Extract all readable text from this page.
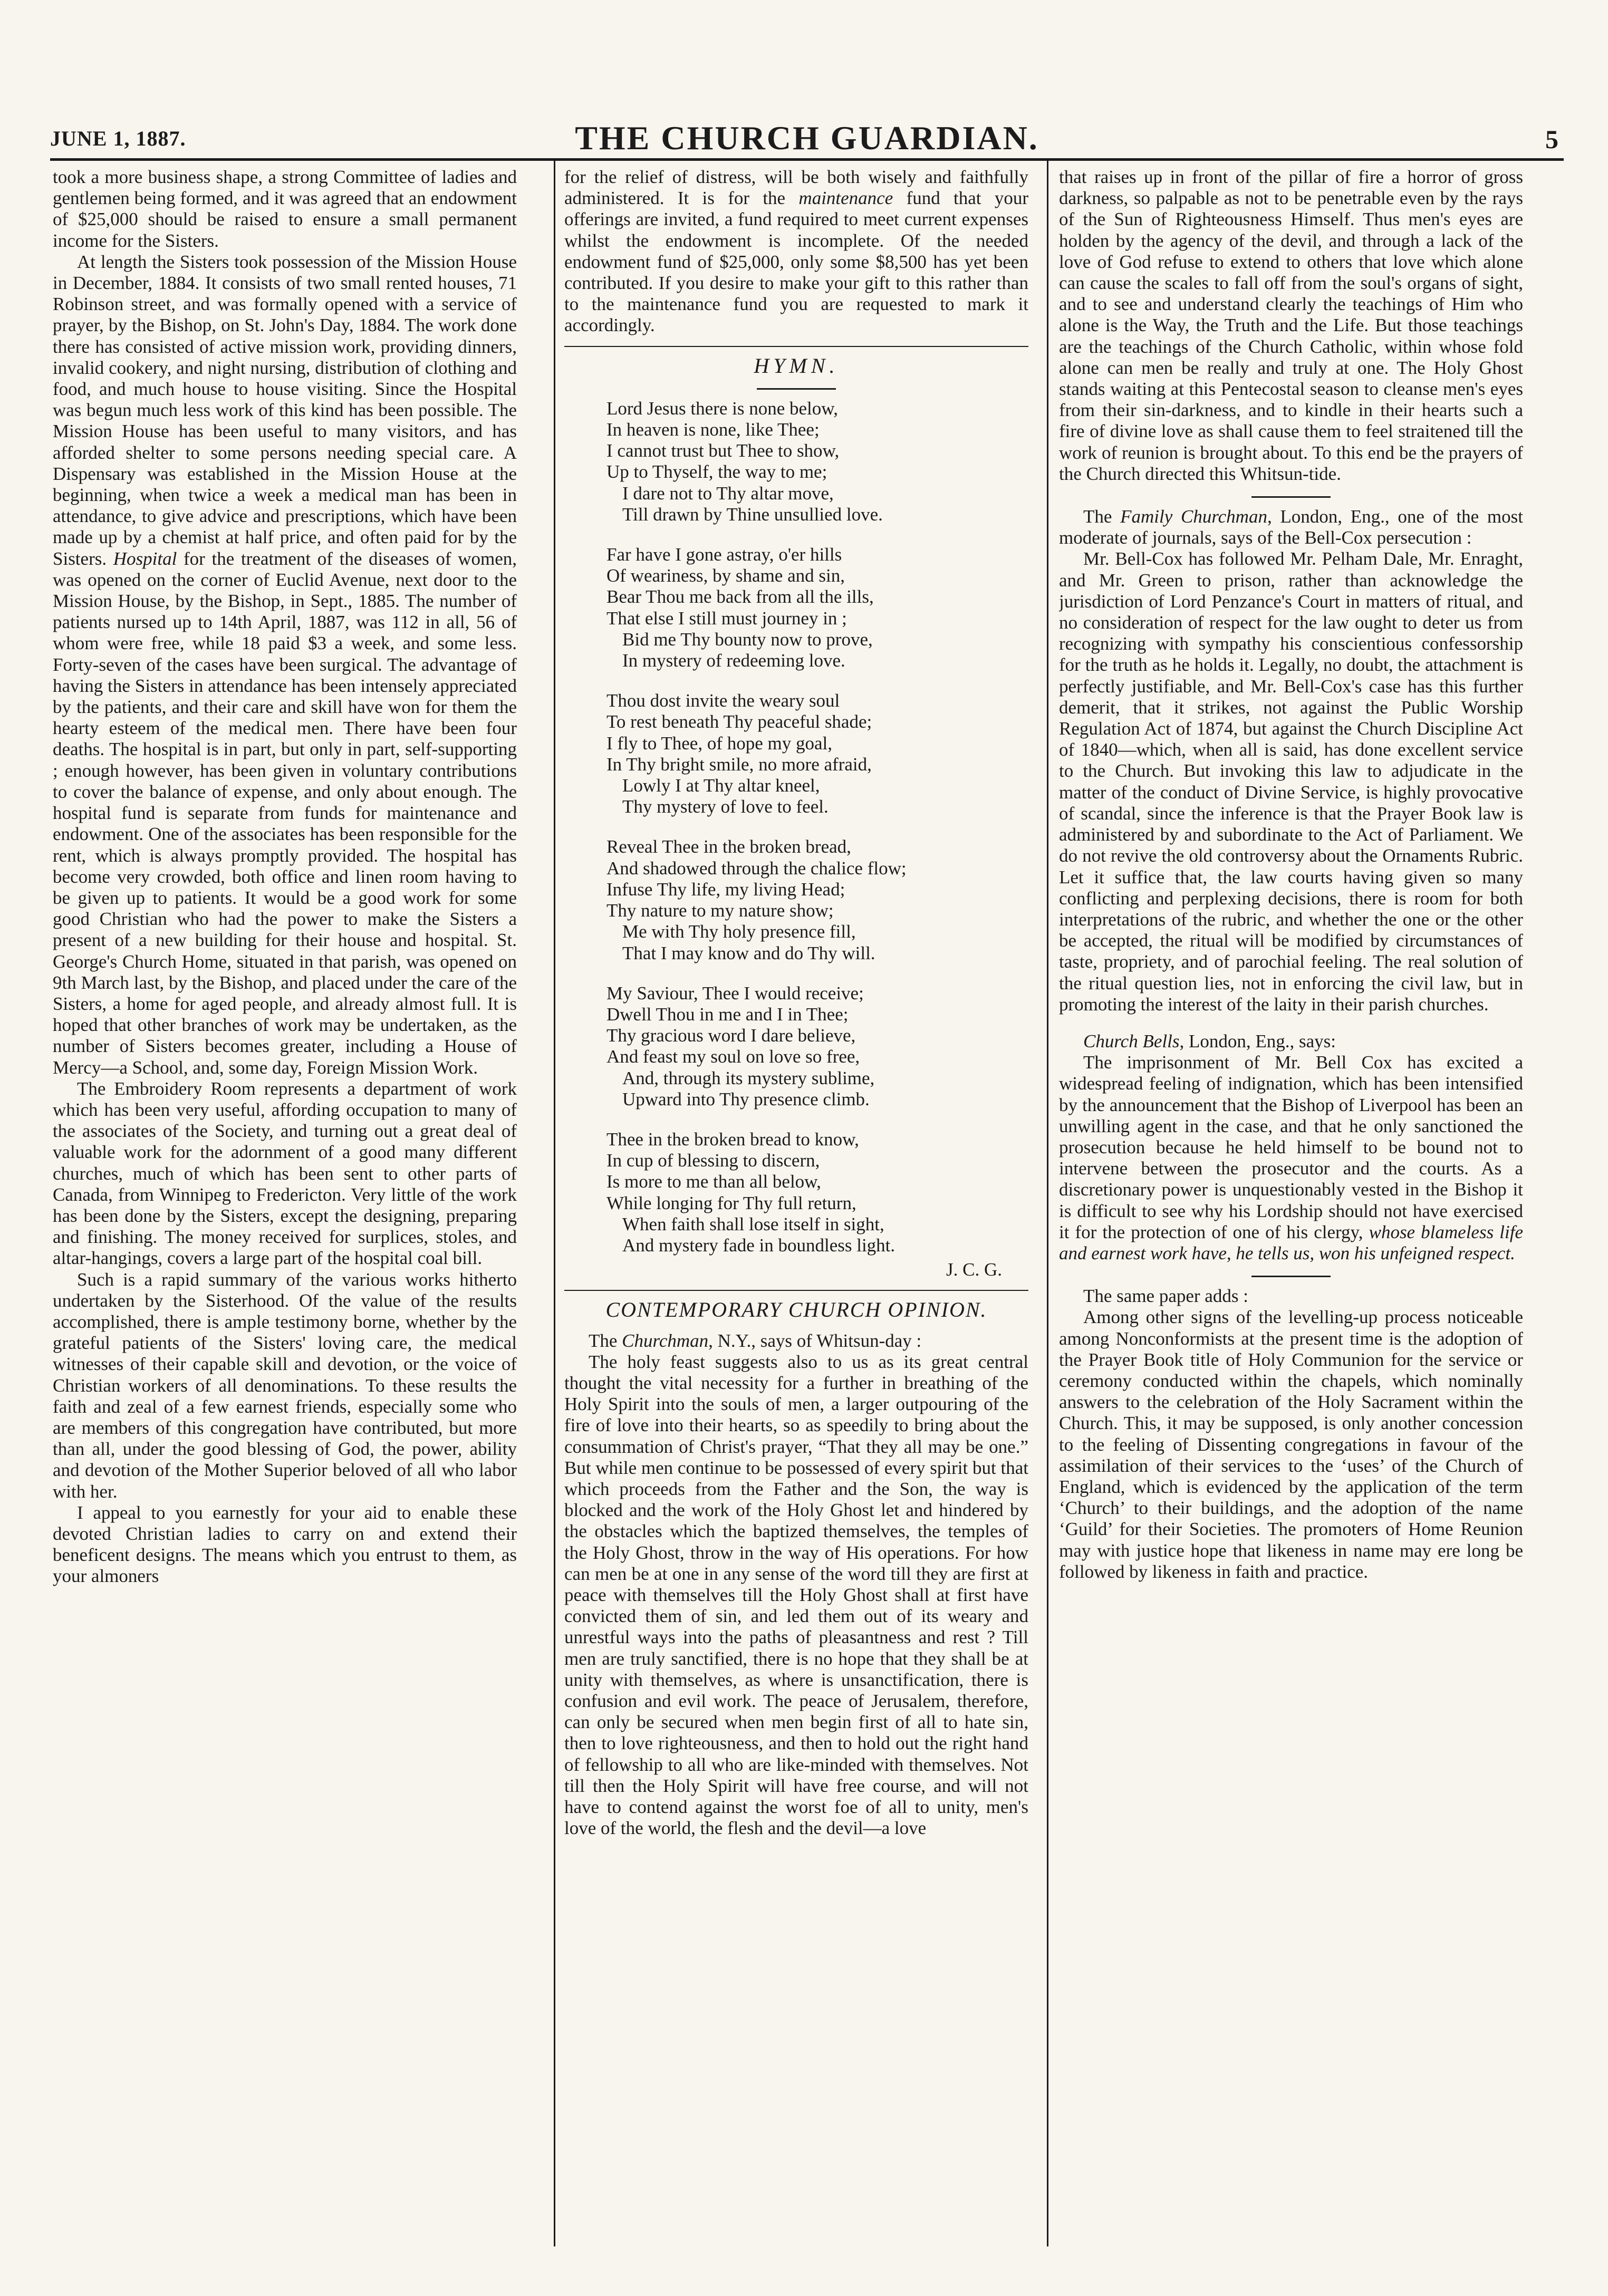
JUNE 1, 1887.	THE CHURCH GUARDIAN.	5

took a more business shape, a strong Committee of ladies and gentlemen being formed, and it was agreed that an endowment of $25,000 should be raised to ensure a small permanent income for the Sisters.

At length the Sisters took possession of the Mission House in December, 1884. It consists of two small rented houses, 71 Robinson street, and was formally opened with a service of prayer, by the Bishop, on St. John's Day, 1884. The work done there has consisted of active mission work, providing dinners, invalid cookery, and night nursing, distribution of clothing and food, and much house to house visiting. Since the Hospital was begun much less work of this kind has been possible. The Mission House has been useful to many visitors, and has afforded shelter to some persons needing special care. A Dispensary was established in the Mission House at the beginning, when twice a week a medical man has been in attendance, to give advice and prescriptions, which have been made up by a chemist at half price, and often paid for by the Sisters. Hospital for the treatment of the diseases of women, was opened on the corner of Euclid Avenue, next door to the Mission House, by the Bishop, in Sept., 1885. The number of patients nursed up to 14th April, 1887, was 112 in all, 56 of whom were free, while 18 paid $3 a week, and some less. Forty-seven of the cases have been surgical. The advantage of having the Sisters in attendance has been intensely appreciated by the patients, and their care and skill have won for them the hearty esteem of the medical men. There have been four deaths. The hospital is in part, but only in part, self-supporting ; enough however, has been given in voluntary contributions to cover the balance of expense, and only about enough. The hospital fund is separate from funds for maintenance and endowment. One of the associates has been responsible for the rent, which is always promptly provided. The hospital has become very crowded, both office and linen room having to be given up to patients. It would be a good work for some good Christian who had the power to make the Sisters a present of a new building for their house and hospital. St. George's Church Home, situated in that parish, was opened on 9th March last, by the Bishop, and placed under the care of the Sisters, a home for aged people, and already almost full. It is hoped that other branches of work may be undertaken, as the number of Sisters becomes greater, including a House of Mercy—a School, and, some day, Foreign Mission Work.

The Embroidery Room represents a department of work which has been very useful, affording occupation to many of the associates of the Society, and turning out a great deal of valuable work for the adornment of a good many different churches, much of which has been sent to other parts of Canada, from Winnipeg to Fredericton. Very little of the work has been done by the Sisters, except the designing, preparing and finishing. The money received for surplices, stoles, and altar-hangings, covers a large part of the hospital coal bill.

Such is a rapid summary of the various works hitherto undertaken by the Sisterhood. Of the value of the results accomplished, there is ample testimony borne, whether by the grateful patients of the Sisters' loving care, the medical witnesses of their capable skill and devotion, or the voice of Christian workers of all denominations. To these results the faith and zeal of a few earnest friends, especially some who are members of this congregation have contributed, but more than all, under the good blessing of God, the power, ability and devotion of the Mother Superior beloved of all who labor with her.

I appeal to you earnestly for your aid to enable these devoted Christian ladies to carry on and extend their beneficent designs. The means which you entrust to them, as your almoners

for the relief of distress, will be both wisely and faithfully administered. It is for the maintenance fund that your offerings are invited, a fund required to meet current expenses whilst the endowment is incomplete. Of the needed endowment fund of $25,000, only some $8,500 has yet been contributed. If you desire to make your gift to this rather than to the maintenance fund you are requested to mark it accordingly.

HYMN.
Lord Jesus there is none below,
In heaven is none, like Thee;
I cannot trust but Thee to show,
Up to Thyself, the way to me;
I dare not to Thy altar move,
Till drawn by Thine unsullied love.
Far have I gone astray, o'er hills
Of weariness, by shame and sin,
Bear Thou me back from all the ills,
That else I still must journey in ;
Bid me Thy bounty now to prove,
In mystery of redeeming love.
Thou dost invite the weary soul
To rest beneath Thy peaceful shade;
I fly to Thee, of hope my goal,
In Thy bright smile, no more afraid,
Lowly I at Thy altar kneel,
Thy mystery of love to feel.
Reveal Thee in the broken bread,
And shadowed through the chalice flow;
Infuse Thy life, my living Head;
Thy nature to my nature show;
Me with Thy holy presence fill,
That I may know and do Thy will.
My Saviour, Thee I would receive;
Dwell Thou in me and I in Thee;
Thy gracious word I dare believe,
And feast my soul on love so free,
And, through its mystery sublime,
Upward into Thy presence climb.
Thee in the broken bread to know,
In cup of blessing to discern,
Is more to me than all below,
While longing for Thy full return,
When faith shall lose itself in sight,
And mystery fade in boundless light.
J. C. G.
CONTEMPORARY CHURCH OPINION.

The Churchman, N.Y., says of Whitsun-day :

The holy feast suggests also to us as its great central thought the vital necessity for a further in breathing of the Holy Spirit into the souls of men, a larger outpouring of the fire of love into their hearts, so as speedily to bring about the consummation of Christ's prayer, “That they all may be one.” But while men continue to be possessed of every spirit but that which proceeds from the Father and the Son, the way is blocked and the work of the Holy Ghost let and hindered by the obstacles which the baptized themselves, the temples of the Holy Ghost, throw in the way of His operations. For how can men be at one in any sense of the word till they are first at peace with themselves till the Holy Ghost shall at first have convicted them of sin, and led them out of its weary and unrestful ways into the paths of pleasantness and rest ? Till men are truly sanctified, there is no hope that they shall be at unity with themselves, as where is unsanctification, there is confusion and evil work. The peace of Jerusalem, therefore, can only be secured when men begin first of all to hate sin, then to love righteousness, and then to hold out the right hand of fellowship to all who are like-minded with themselves. Not till then the Holy Spirit will have free course, and will not have to contend against the worst foe of all to unity, men's love of the world, the flesh and the devil—a love

that raises up in front of the pillar of fire a horror of gross darkness, so palpable as not to be penetrable even by the rays of the Sun of Righteousness Himself. Thus men's eyes are holden by the agency of the devil, and through a lack of the love of God refuse to extend to others that love which alone can cause the scales to fall off from the soul's organs of sight, and to see and understand clearly the teachings of Him who alone is the Way, the Truth and the Life. But those teachings are the teachings of the Church Catholic, within whose fold alone can men be really and truly at one. The Holy Ghost stands waiting at this Pentecostal season to cleanse men's eyes from their sin-darkness, and to kindle in their hearts such a fire of divine love as shall cause them to feel straitened till the work of reunion is brought about. To this end be the prayers of the Church directed this Whitsun-tide.

The Family Churchman, London, Eng., one of the most moderate of journals, says of the Bell-Cox persecution :

Mr. Bell-Cox has followed Mr. Pelham Dale, Mr. Enraght, and Mr. Green to prison, rather than acknowledge the jurisdiction of Lord Penzance's Court in matters of ritual, and no consideration of respect for the law ought to deter us from recognizing with sympathy his conscientious confessorship for the truth as he holds it. Legally, no doubt, the attachment is perfectly justifiable, and Mr. Bell-Cox's case has this further demerit, that it strikes, not against the Public Worship Regulation Act of 1874, but against the Church Discipline Act of 1840—which, when all is said, has done excellent service to the Church. But invoking this law to adjudicate in the matter of the conduct of Divine Service, is highly provocative of scandal, since the inference is that the Prayer Book law is administered by and subordinate to the Act of Parliament. We do not revive the old controversy about the Ornaments Rubric. Let it suffice that, the law courts having given so many conflicting and perplexing decisions, there is room for both interpretations of the rubric, and whether the one or the other be accepted, the ritual will be modified by circumstances of taste, propriety, and of parochial feeling. The real solution of the ritual question lies, not in enforcing the civil law, but in promoting the interest of the laity in their parish churches.

Church Bells, London, Eng., says:

The imprisonment of Mr. Bell Cox has excited a widespread feeling of indignation, which has been intensified by the announcement that the Bishop of Liverpool has been an unwilling agent in the case, and that he only sanctioned the prosecution because he held himself to be bound not to intervene between the prosecutor and the courts. As a discretionary power is unquestionably vested in the Bishop it is difficult to see why his Lordship should not have exercised it for the protection of one of his clergy, whose blameless life and earnest work have, he tells us, won his unfeigned respect.

The same paper adds :

Among other signs of the levelling-up process noticeable among Nonconformists at the present time is the adoption of the Prayer Book title of Holy Communion for the service or ceremony conducted within the chapels, which nominally answers to the celebration of the Holy Sacrament within the Church. This, it may be supposed, is only another concession to the feeling of Dissenting congregations in favour of the assimilation of their services to the ‘uses’ of the Church of England, which is evidenced by the application of the term ‘Church’ to their buildings, and the adoption of the name ‘Guild’ for their Societies. The promoters of Home Reunion may with justice hope that likeness in name may ere long be followed by likeness in faith and practice.
